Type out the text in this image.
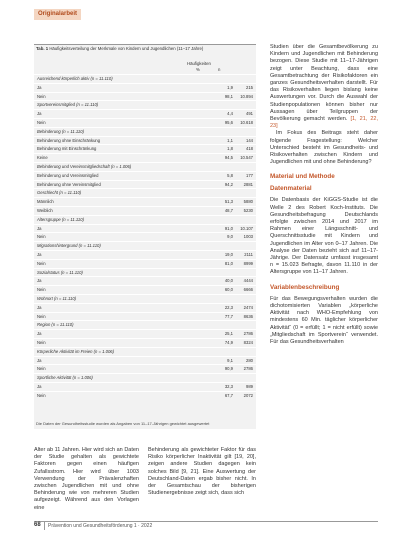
Originalarbeit
Tab. 1 Häufigkeitsverteilung der Merkmale von Kindern und Jugendlichen (11–17 Jahre)
Häufigkeiten
%	n
Ausreichend körperlich aktiv (n = 11.110)
Ja	1,9	215
Nein	98,1	10.894
Sportvereinsmitglied (n = 11.110)
Ja	4,4	491
Nein	95,6	10.618
Behinderung (n = 11.110)
Behinderung ohne Einschränkung	1,1	144
Behinderung mit Einschränkung	1,8	418
Keine	94,5	10.547
Behinderung und Vereinsmitgliedschaft (n = 1.006)
Behinderung und Vereinsmitglied	5,8	177
Behinderung ohne Vereinsmitglied	94,2	2881
Geschlecht (n = 11.110)
Männlich	51,3	5880
Weiblich	48,7	5230
Altersgruppe (n = 11.110)
Ja	91,0	10.107
Nein	9,0	1003
Migrationshintergrund (n = 11.110)
Ja	19,0	2111
Nein	81,0	8999
Sozialstatus (n = 11.110)
Ja	40,0	4444
Nein	60,0	6666
Wohnort (n = 11.110)
Ja	22,3	2474
Nein	77,7	8636
Region (n = 11.110)
Ja	25,1	2786
Nein	74,9	8324
Körperliche Aktivität im Freien (n = 1.006)
Ja	9,1	280
Nein	90,9	2786
Sportliche Aktivität (n = 1.006)
Ja	32,3	989
Nein	67,7	2072
Die Daten der Gesundheitsstudie wurden als Angaben von 11–17-Jährigen gewichtet ausgewertet
Alter ab 11 Jahren. Hier wird sich an Daten der Studie gehalten als gewichtete Faktoren gegen einen häufigen Zufallsstrom. Hier wird über 1003 Verwendung der Prävalenzhaften zwischen Jugendlichen mit und ohne Behinderung wie von mehreren Studien aufgezeigt. Während aus den Vorlagen eine
Behinderung als gewichteter Faktor für das Risiko körperlicher Inaktivität gilt [19, 20], zeigen andere Studien dagegen kein solches Bild [9, 21]. Eine Auswertung der Deutschland-Daten ergab bisher nicht. In der Gesamtschau der bisherigen Studienergebnisse zeigt sich, dass sich

Studien über die Gesamtbevölkerung zu Kindern und Jugendlichen mit Behinderung bezogen. Diese Studie mit 11–17-Jährigen zeigt unter Beachtung, dass eine Gesamtbetrachtung der Risikofaktoren ein ganzes Gesundheitsverhalten darstellt. Für das Risikoverhalten liegen bislang keine Auswertungen vor. Durch die Auswahl der Studienpopulationen können bisher nur Aussagen über Teilgruppen der Bevölkerung gemacht werden. [1, 21, 22, 23]

Im Fokus des Beitrags steht daher folgende Fragestellung: Welcher Unterschied besteht im Gesundheits- und Risikoverhalten zwischen Kindern und Jugendlichen mit und ohne Behinderung?

Material und Methode
Datenmaterial

Die Datenbasis der KiGGS-Studie ist die Welle 2 des Robert Koch-Instituts. Die Gesundheitsbefragung Deutschlands erfolgte zwischen 2014 und 2017 im Rahmen einer Längsschnitt- und Querschnittsstudie mit Kindern und Jugendlichen im Alter von 0–17 Jahren. Die Analyse der Daten bezieht sich auf 11–17-Jährige. Der Datensatz umfasst insgesamt n = 15.023 Befragte, davon 11.110 in der Altersgruppe von 11–17 Jahren.

Variablenbeschreibung

Für das Bewegungsverhalten wurden die dichotomisierten Variablen „körperliche Aktivität nach WHO-Empfehlung von mindestens 60 Min. täglicher körperlicher Aktivität“ (0 = erfüllt; 1 = nicht erfüllt) sowie „Mitgliedschaft im Sportverein“ verwendet. Für das Gesundheitsverhalten

68 Prävention und Gesundheitsförderung 1 · 2022
